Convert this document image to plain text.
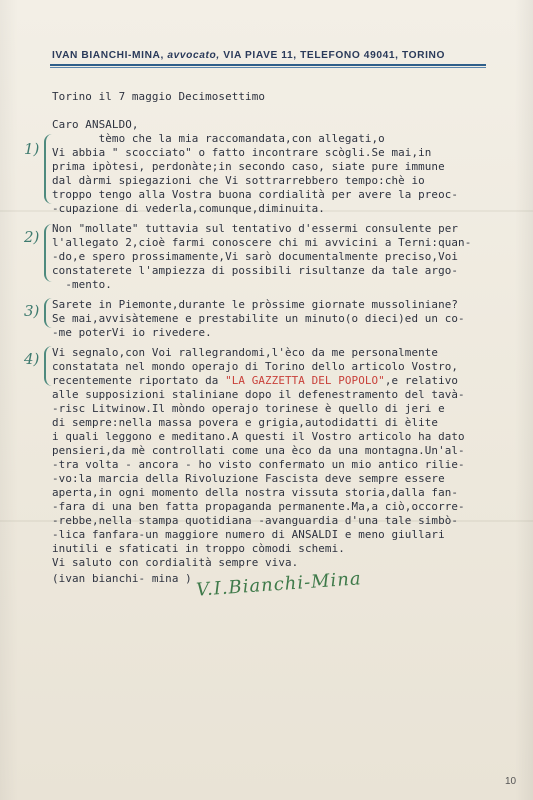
IVAN BIANCHI-MINA, avvocato, VIA PIAVE 11, TELEFONO 49041, TORINO

Torino il 7 maggio Decimosettimo

Caro ANSALDO,

tèmo che la mia raccomandata,con allegati,o

Vi abbia " scocciato" o fatto incontrare scògli.Se mai,in

prima ipòtesi, perdonàte;in secondo caso, siate pure immune

dal dàrmi spiegazioni che Vi sottrarrebbero tempo:chè io

troppo tengo alla Vostra buona cordialità per avere la preoc-

-cupazione di vederla,comunque,diminuita.

Non "mollate" tuttavia sul tentativo d'essermi consulente per

l'allegato 2,cioè farmi conoscere chi mi avvicini a Terni:quan-

-do,e spero prossimamente,Vi sarò documentalmente preciso,Voi

constaterete l'ampiezza di possibili risultanze da tale argo-

-mento.

Sarete in Piemonte,durante le pròssime giornate mussoliniane?

Se mai,avvisàtemene e prestabilite un minuto(o dieci)ed un co-

-me poterVi io rivedere.

Vi segnalo,con Voi rallegrandomi,l'èco da me personalmente

constatata nel mondo operajo di Torino dello articolo Vostro,

recentemente riportato da "LA GAZZETTA DEL POPOLO",e relativo

alle supposizioni staliniane dopo il defenestramento del tavà-

-risc Litwinow.Il mòndo operajo torinese è quello di jeri e

di sempre:nella massa povera e grigia,autodidatti di èlite

i quali leggono e meditano.A questi il Vostro articolo ha dato

pensieri,da mè controllati come una èco da una montagna.Un'al-

-tra volta - ancora - ho visto confermato un mio antico rilie-

-vo:la marcia della Rivoluzione Fascista deve sempre essere

aperta,in ogni momento della nostra vissuta storia,dalla fan-

-fara di una ben fatta propaganda permanente.Ma,a ciò,occorre-

-rebbe,nella stampa quotidiana -avanguardia d'una tale simbò-

-lica fanfara-un maggiore numero di ANSALDI e meno giullari

inutili e sfaticati in troppo còmodi schemi.

Vi saluto con cordialità sempre viva.

(ivan bianchi- mina )

1)
2)
3)
4)
V.I.Bianchi-Mina
10
